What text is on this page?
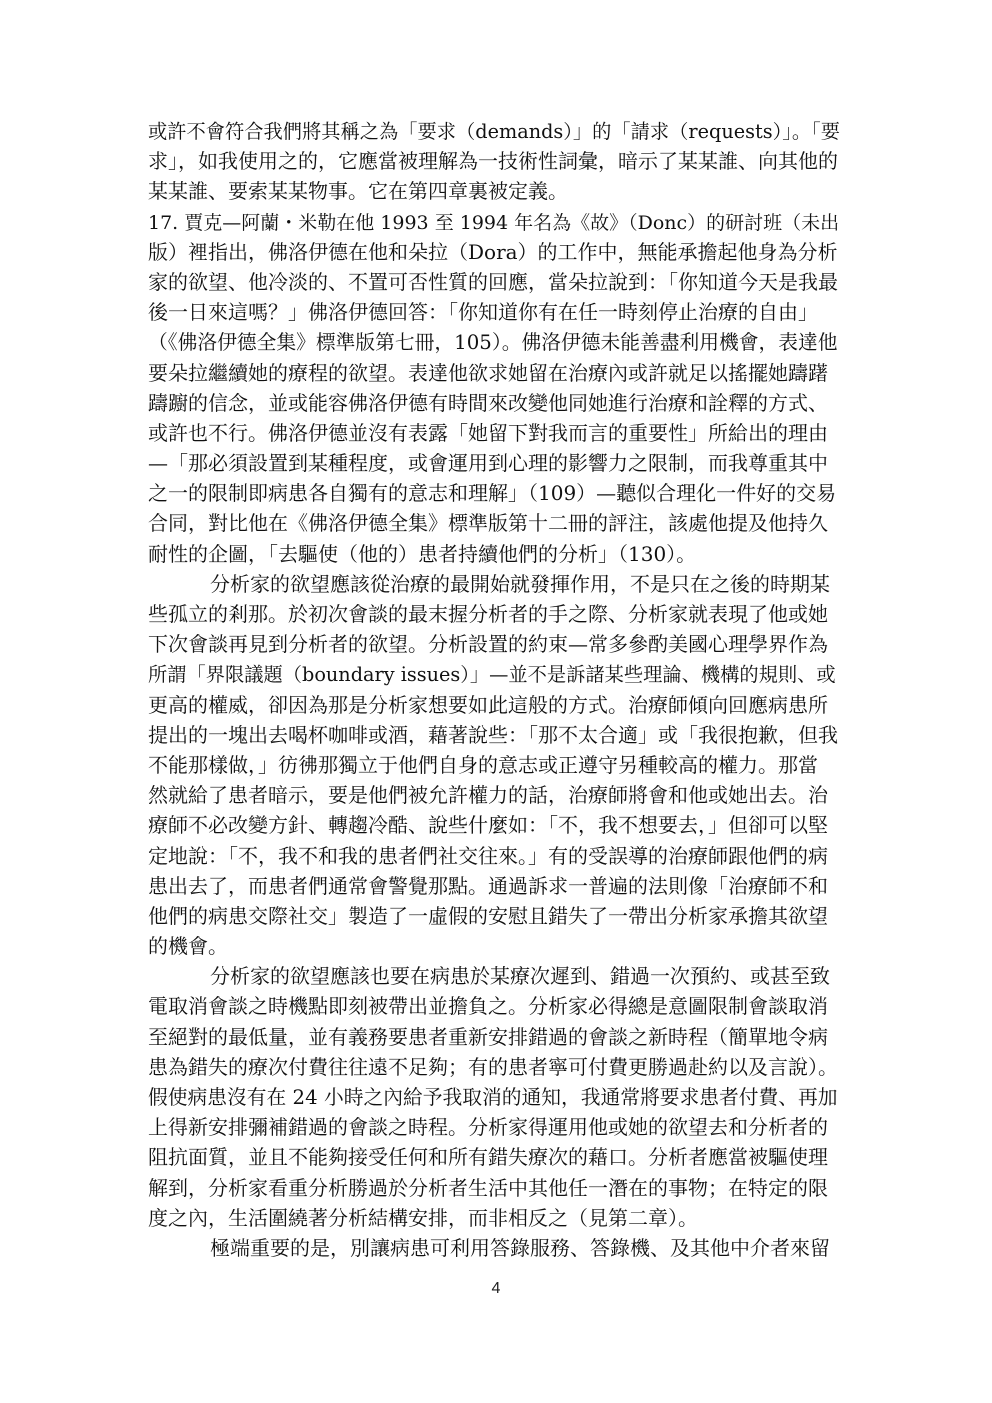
或許不會符合我們將其稱之為「要求（demands）」的「請求（requests）」。「要
求」，如我使用之的，它應當被理解為一技術性詞彙，暗示了某某誰、向其他的
某某誰、要索某某物事。它在第四章裏被定義。
17. 賈克—阿蘭・米勒在他 1993 至 1994 年名為《故》（Donc）的研討班（未出
版）裡指出，佛洛伊德在他和朵拉（Dora）的工作中，無能承擔起他身為分析
家的欲望、他冷淡的、不置可否性質的回應，當朵拉說到：「你知道今天是我最
後一日來這嗎？」佛洛伊德回答：「你知道你有在任一時刻停止治療的自由」
（《佛洛伊德全集》標準版第七冊，105）。佛洛伊德未能善盡利用機會，表達他
要朵拉繼續她的療程的欲望。表達他欲求她留在治療內或許就足以搖擺她躊躇
躊躕的信念，並或能容佛洛伊德有時間來改變他同她進行治療和詮釋的方式、
或許也不行。佛洛伊德並沒有表露「她留下對我而言的重要性」所給出的理由
—「那必須設置到某種程度，或會運用到心理的影響力之限制，而我尊重其中
之一的限制即病患各自獨有的意志和理解」（109）—聽似合理化一件好的交易
合同，對比他在《佛洛伊德全集》標準版第十二冊的評注，該處他提及他持久
耐性的企圖，「去驅使（他的）患者持續他們的分析」（130）。
分析家的欲望應該從治療的最開始就發揮作用，不是只在之後的時期某
些孤立的剎那。於初次會談的最末握分析者的手之際、分析家就表現了他或她
下次會談再見到分析者的欲望。分析設置的約束—常多參酌美國心理學界作為
所謂「界限議題（boundary issues）」—並不是訴諸某些理論、機構的規則、或
更高的權威，卻因為那是分析家想要如此這般的方式。治療師傾向回應病患所
提出的一塊出去喝杯咖啡或酒，藉著說些：「那不太合適」或「我很抱歉，但我
不能那樣做，」彷彿那獨立于他們自身的意志或正遵守另種較高的權力。那當
然就給了患者暗示，要是他們被允許權力的話，治療師將會和他或她出去。治
療師不必改變方針、轉趨冷酷、說些什麼如：「不，我不想要去，」但卻可以堅
定地說：「不，我不和我的患者們社交往來。」有的受誤導的治療師跟他們的病
患出去了，而患者們通常會警覺那點。通過訴求一普遍的法則像「治療師不和
他們的病患交際社交」製造了一虛假的安慰且錯失了一帶出分析家承擔其欲望
的機會。
分析家的欲望應該也要在病患於某療次遲到、錯過一次預約、或甚至致
電取消會談之時機點即刻被帶出並擔負之。分析家必得總是意圖限制會談取消
至絕對的最低量，並有義務要患者重新安排錯過的會談之新時程（簡單地令病
患為錯失的療次付費往往遠不足夠；有的患者寧可付費更勝過赴約以及言說）。
假使病患沒有在 24 小時之內給予我取消的通知，我通常將要求患者付費、再加
上得新安排彌補錯過的會談之時程。分析家得運用他或她的欲望去和分析者的
阻抗面質，並且不能夠接受任何和所有錯失療次的藉口。分析者應當被驅使理
解到，分析家看重分析勝過於分析者生活中其他任一潛在的事物；在特定的限
度之內，生活圍繞著分析結構安排，而非相反之（見第二章）。
極端重要的是，別讓病患可利用答錄服務、答錄機、及其他中介者來留
4
